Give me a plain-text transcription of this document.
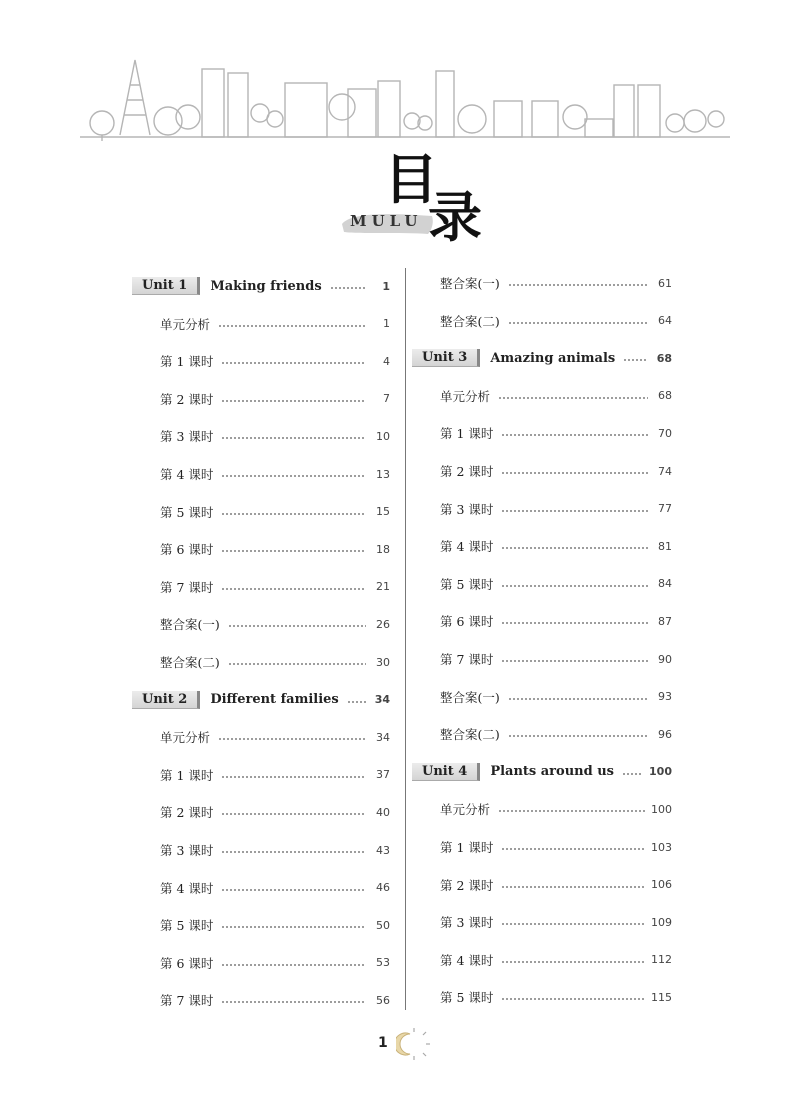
MULU
目
录
Unit 1	Making friends	1
单元分析	1
第 1 课时	4
第 2 课时	7
第 3 课时	10
第 4 课时	13
第 5 课时	15
第 6 课时	18
第 7 课时	21
整合案(一)	26
整合案(二)	30
Unit 2	Different families	34
单元分析	34
第 1 课时	37
第 2 课时	40
第 3 课时	43
第 4 课时	46
第 5 课时	50
第 6 课时	53
第 7 课时	56
整合案(一)	61
整合案(二)	64
Unit 3	Amazing animals	68
单元分析	68
第 1 课时	70
第 2 课时	74
第 3 课时	77
第 4 课时	81
第 5 课时	84
第 6 课时	87
第 7 课时	90
整合案(一)	93
整合案(二)	96
Unit 4	Plants around us	100
单元分析	100
第 1 课时	103
第 2 课时	106
第 3 课时	109
第 4 课时	112
第 5 课时	115
1
